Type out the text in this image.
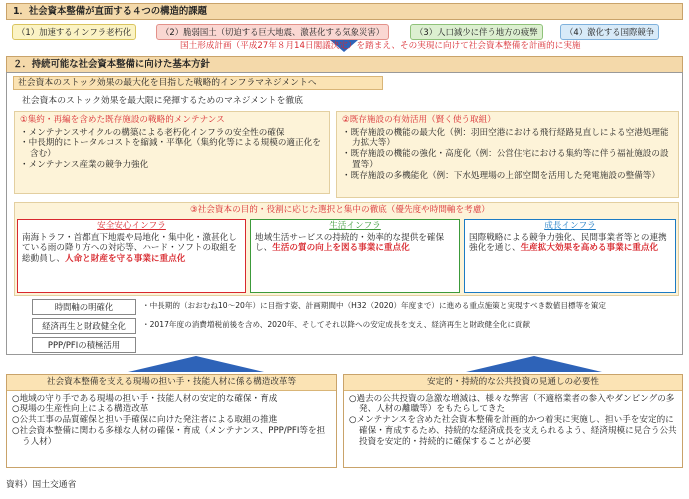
1．社会資本整備が直面する４つの構造的課題
（1）加速するインフラ老朽化	（2）脆弱国土（切迫する巨大地震、激甚化する気象災害）	（3）人口減少に伴う地方の疲弊	（4）激化する国際競争
国土形成計画（平成27年８月14日閣議決定）を踏まえ、その実現に向けて社会資本整備を計画的に実施
２．持続可能な社会資本整備に向けた基本方針
社会資本のストック効果の最大化を目指した戦略的インフラマネジメントへ
社会資本のストック効果を最大限に発揮するためのマネジメントを徹底
①集約・再編を含めた既存施設の戦略的メンテナンス
・メンテナンスサイクルの構築による老朽化インフラの安全性の確保
・中長期的にトータルコストを縮減・平準化（集約化等による規模の適正化を含む）
・メンテナンス産業の競争力強化
②既存施設の有効活用（賢く使う取組）
・既存施設の機能の最大化（例：羽田空港における飛行経路見直しによる空港処理能力拡大等）
・既存施設の機能の強化・高度化（例：公営住宅における集約等に伴う福祉施設の設置等）
・既存施設の多機能化（例：下水処理場の上部空間を活用した発電施設の整備等）
③社会資本の目的・役割に応じた選択と集中の徹底（優先度や時間軸を考慮）
安全安心インフラ
南海トラフ・首都直下地震や局地化・集中化・激甚化している雨の降り方への対応等、ハード・ソフトの取組を総動員し、人命と財産を守る事業に重点化
生活インフラ
地域生活サービスの持続的・効率的な提供を確保し、生活の質の向上を図る事業に重点化
成長インフラ
国際戦略による競争力強化、民間事業者等との連携強化を通じ、生産拡大効果を高める事業に重点化
時間軸の明確化	・中長期的（おおむね10～20年）に目指す姿、計画期間中（H32（2020）年度まで）に進める重点施策と実現すべき数値目標等を策定
経済再生と財政健全化	・2017年度の消費増税前後を含め、2020年、そしてそれ以降への安定成長を支え、経済再生と財政健全化に貢献
PPP/PFIの積極活用
社会資本整備を支える現場の担い手・技能人材に係る構造改革等
○地域の守り手である現場の担い手・技能人材の安定的な確保・育成
○現場の生産性向上による構造改革
○公共工事の品質確保と担い手確保に向けた発注者による取組の推進
○社会資本整備に関わる多様な人材の確保・育成（メンテナンス、PPP/PFI等を担う人材）
安定的・持続的な公共投資の見通しの必要性
○過去の公共投資の急激な増減は、様々な弊害（不適格業者の参入やダンピングの多発、人材の離職等）をもたらしてきた
○メンテナンスを含めた社会資本整備を計画的かつ着実に実施し、担い手を安定的に確保・育成するため、持続的な経済成長を支えられるよう、経済規模に見合う公共投資を安定的・持続的に確保することが必要
資料）国土交通省
